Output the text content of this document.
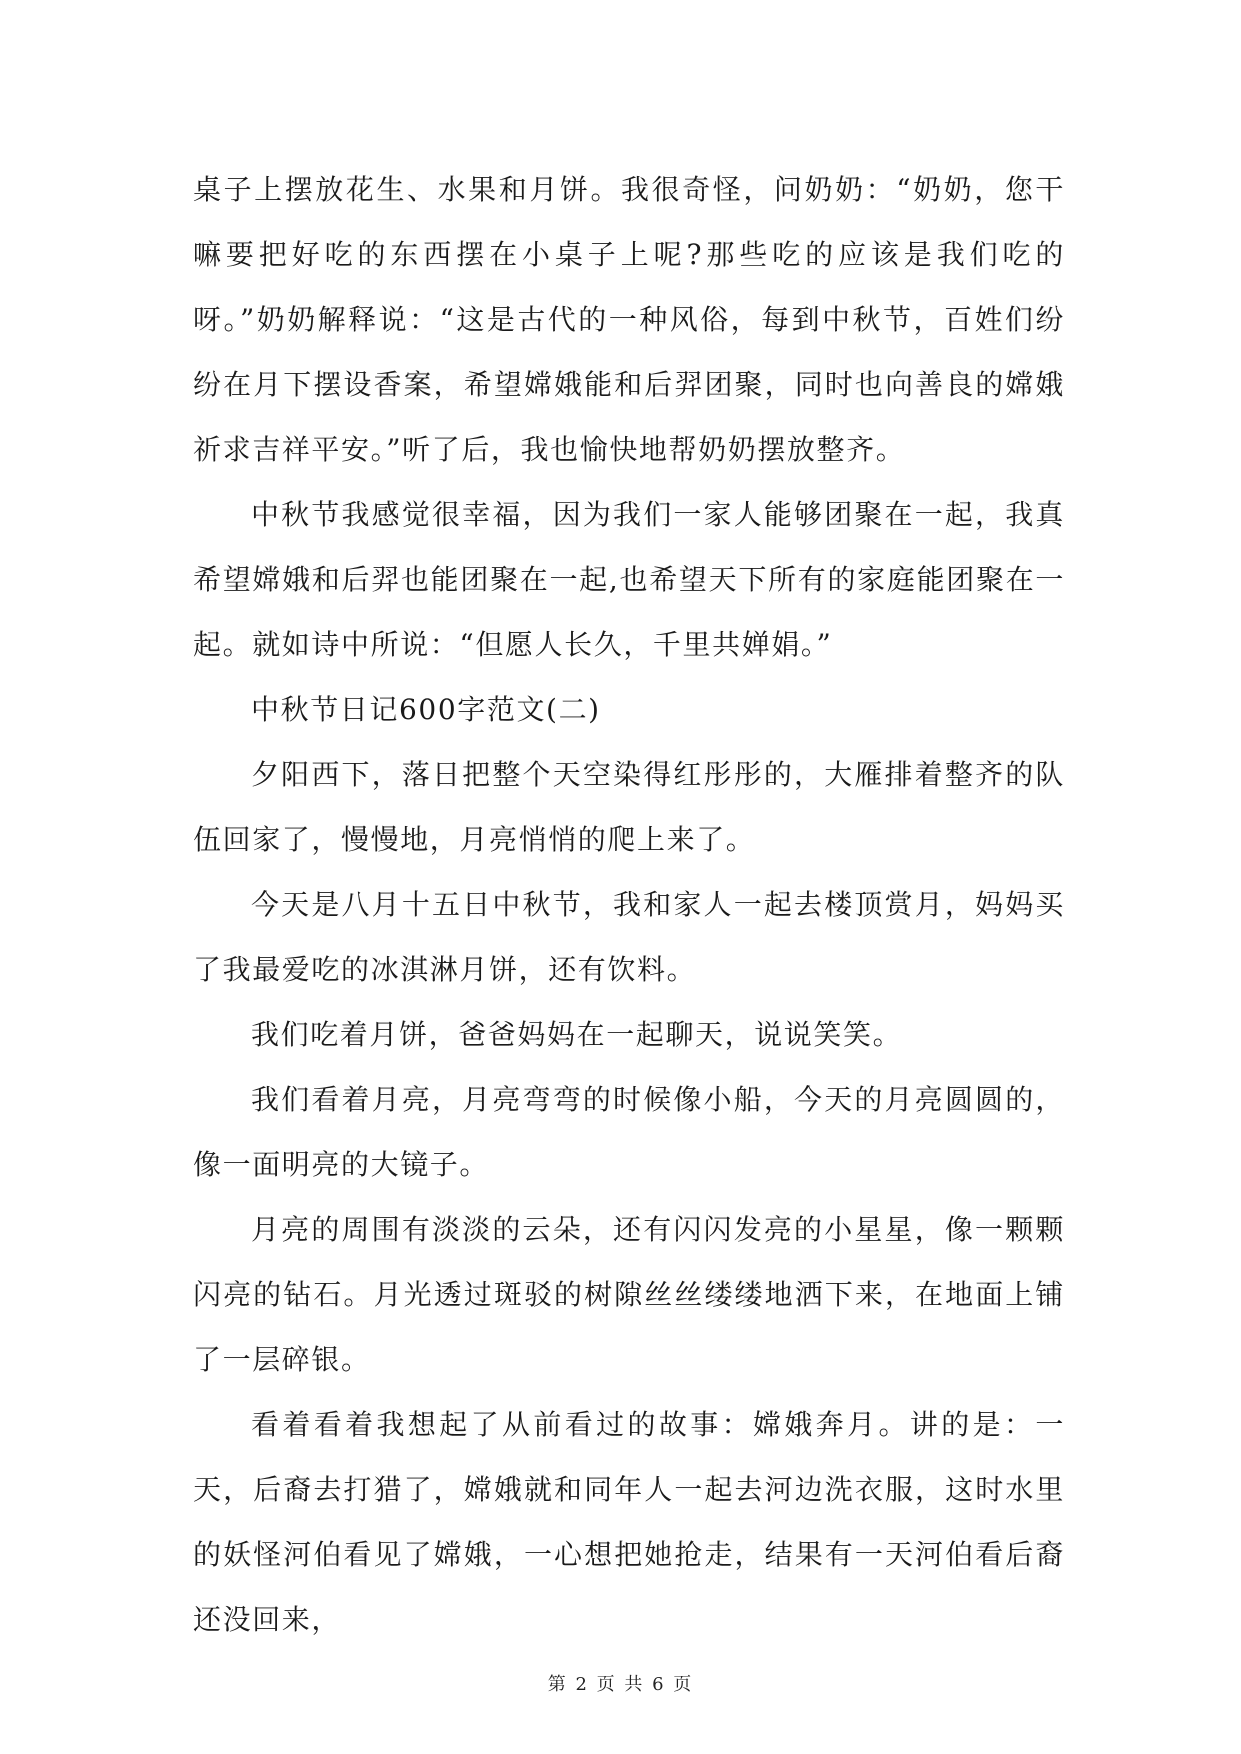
桌子上摆放花生、水果和月饼。我很奇怪，问奶奶：“奶奶，您干嘛要把好吃的东西摆在小桌子上呢?那些吃的应该是我们吃的呀。”奶奶解释说：“这是古代的一种风俗，每到中秋节，百姓们纷纷在月下摆设香案，希望嫦娥能和后羿团聚，同时也向善良的嫦娥祈求吉祥平安。”听了后，我也愉快地帮奶奶摆放整齐。

中秋节我感觉很幸福，因为我们一家人能够团聚在一起，我真希望嫦娥和后羿也能团聚在一起,也希望天下所有的家庭能团聚在一起。就如诗中所说：“但愿人长久，千里共婵娟。”

中秋节日记600字范文(二)

夕阳西下，落日把整个天空染得红彤彤的，大雁排着整齐的队伍回家了，慢慢地，月亮悄悄的爬上来了。

今天是八月十五日中秋节，我和家人一起去楼顶赏月，妈妈买了我最爱吃的冰淇淋月饼，还有饮料。

我们吃着月饼，爸爸妈妈在一起聊天，说说笑笑。

我们看着月亮，月亮弯弯的时候像小船，今天的月亮圆圆的，像一面明亮的大镜子。

月亮的周围有淡淡的云朵，还有闪闪发亮的小星星，像一颗颗闪亮的钻石。月光透过斑驳的树隙丝丝缕缕地洒下来，在地面上铺了一层碎银。

看着看着我想起了从前看过的故事：嫦娥奔月。讲的是：一天，后裔去打猎了，嫦娥就和同年人一起去河边洗衣服，这时水里的妖怪河伯看见了嫦娥，一心想把她抢走，结果有一天河伯看后裔还没回来，

第 2 页 共 6 页
